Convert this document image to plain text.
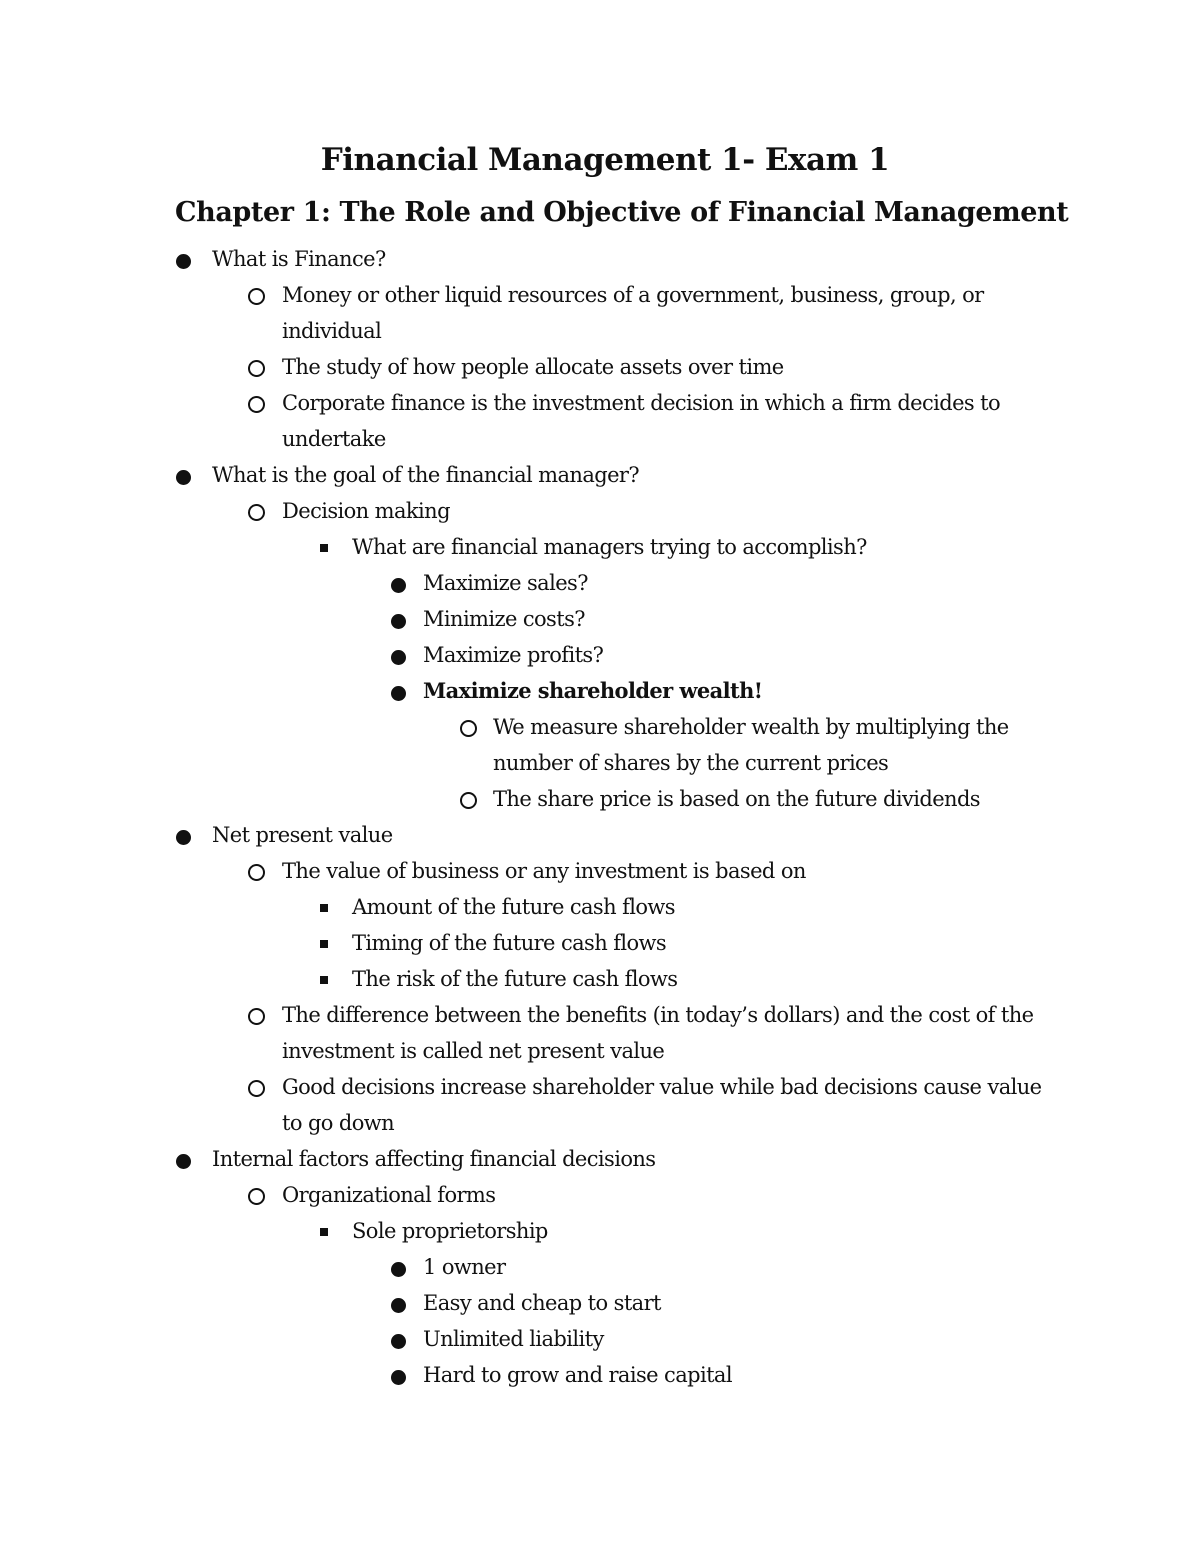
Financial Management 1- Exam 1
Chapter 1: The Role and Objective of Financial Management
What is Finance?
Money or other liquid resources of a government, business, group, or individual
The study of how people allocate assets over time
Corporate finance is the investment decision in which a firm decides to undertake
What is the goal of the financial manager?
Decision making
What are financial managers trying to accomplish?
Maximize sales?
Minimize costs?
Maximize profits?
Maximize shareholder wealth!
We measure shareholder wealth by multiplying the number of shares by the current prices
The share price is based on the future dividends
Net present value
The value of business or any investment is based on
Amount of the future cash flows
Timing of the future cash flows
The risk of the future cash flows
The difference between the benefits (in today’s dollars) and the cost of the investment is called net present value
Good decisions increase shareholder value while bad decisions cause value to go down
Internal factors affecting financial decisions
Organizational forms
Sole proprietorship
1 owner
Easy and cheap to start
Unlimited liability
Hard to grow and raise capital
